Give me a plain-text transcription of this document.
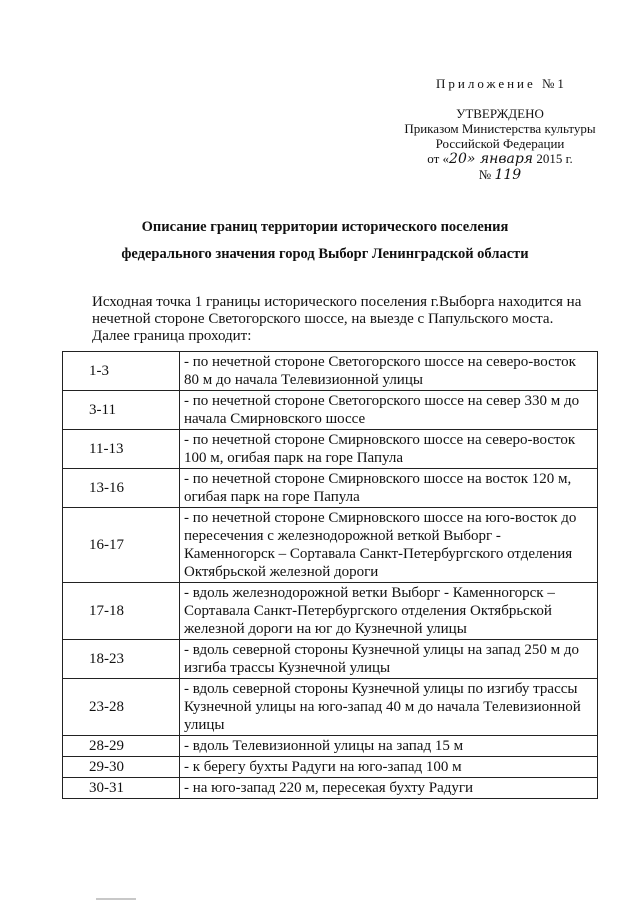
Приложение №1
УТВЕРЖДЕНО
Приказом Министерства культуры
Российской Федерации
от «20» января 2015 г.
№ 119
Описание границ территории исторического поселения
федерального значения город Выборг Ленинградской области

Исходная точка 1 границы исторического поселения г.Выборга находится на

нечетной стороне Светогорского шоссе, на выезде с Папульского моста.

Далее граница проходит:

1-3	- по нечетной стороне Светогорского шоссе на северо-восток 80 м до начала Телевизионной улицы
3-11	- по нечетной стороне Светогорского шоссе на север 330 м до начала Смирновского шоссе
11-13	- по нечетной стороне Смирновского шоссе на северо-восток 100 м, огибая парк на горе Папула
13-16	- по нечетной стороне Смирновского шоссе на восток 120 м, огибая парк на горе Папула
16-17	- по нечетной стороне Смирновского шоссе на юго-восток до пересечения с железнодорожной веткой Выборг - Каменногорск – Сортавала Санкт-Петербургского отделения Октябрьской железной дороги
17-18	- вдоль железнодорожной ветки Выборг - Каменногорск – Сортавала Санкт-Петербургского отделения Октябрьской железной дороги на юг до Кузнечной улицы
18-23	- вдоль северной стороны Кузнечной улицы на запад 250 м до изгиба трассы Кузнечной улицы
23-28	- вдоль северной стороны Кузнечной улицы по изгибу трассы Кузнечной улицы на юго-запад 40 м до начала Телевизионной улицы
28-29	- вдоль Телевизионной улицы на запад 15 м
29-30	- к берегу бухты Радуги на юго-запад 100 м
30-31	- на юго-запад 220 м, пересекая бухту Радуги
